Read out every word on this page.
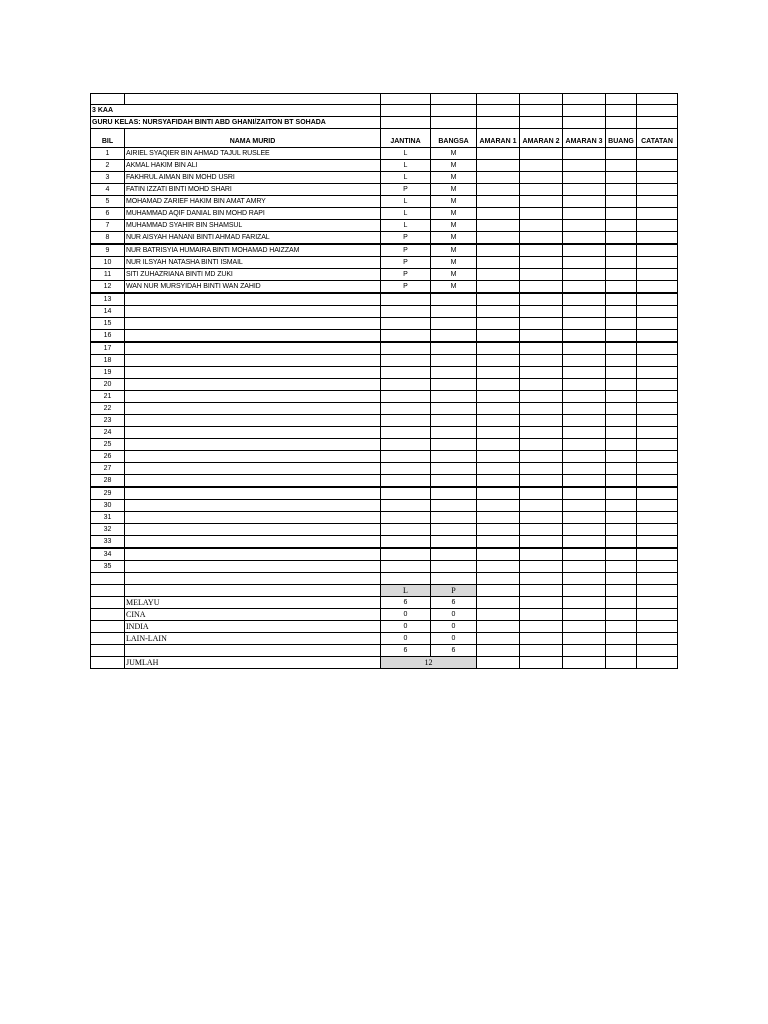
3 KAA								
GURU KELAS: NURSYAFIDAH BINTI ABD GHANI/ZAITON BT SOHADA								
BIL	NAMA MURID	JANTINA	BANGSA	AMARAN 1	AMARAN 2	AMARAN 3	BUANG	CATATAN
1	AIRIEL SYAQIER BIN AHMAD TAJUL RUSLEE	L	M					
2	AKMAL HAKIM BIN ALI	L	M					
3	FAKHRUL AIMAN BIN MOHD USRI	L	M					
4	FATIN IZZATI BINTI MOHD SHARI	P	M					
5	MOHAMAD ZARIEF HAKIM BIN AMAT AMRY	L	M					
6	MUHAMMAD AQIF DANIAL BIN MOHD RAPI	L	M					
7	MUHAMMAD SYAHIR BIN SHAMSUL	L	M					
8	NUR AISYAH HANANI BINTI AHMAD FARIZAL	P	M					
9	NUR BATRISYIA HUMAIRA BINTI MOHAMAD HAIZZAM	P	M					
10	NUR ILSYAH NATASHA BINTI ISMAIL	P	M					
11	SITI ZUHAZRIANA BINTI MD ZUKI	P	M					
12	WAN NUR MURSYIDAH BINTI WAN ZAHID	P	M					
13								
14								
15								
16								
17								
18								
19								
20								
21								
22								
23								
24								
25								
26								
27								
28								
29								
30								
31								
32								
33								
34								
35								

		L	P					
	MELAYU	6	6					
	CINA	0	0					
	INDIA	0	0					
	LAIN-LAIN	0	0					
		6	6					
	JUMLAH	12						
